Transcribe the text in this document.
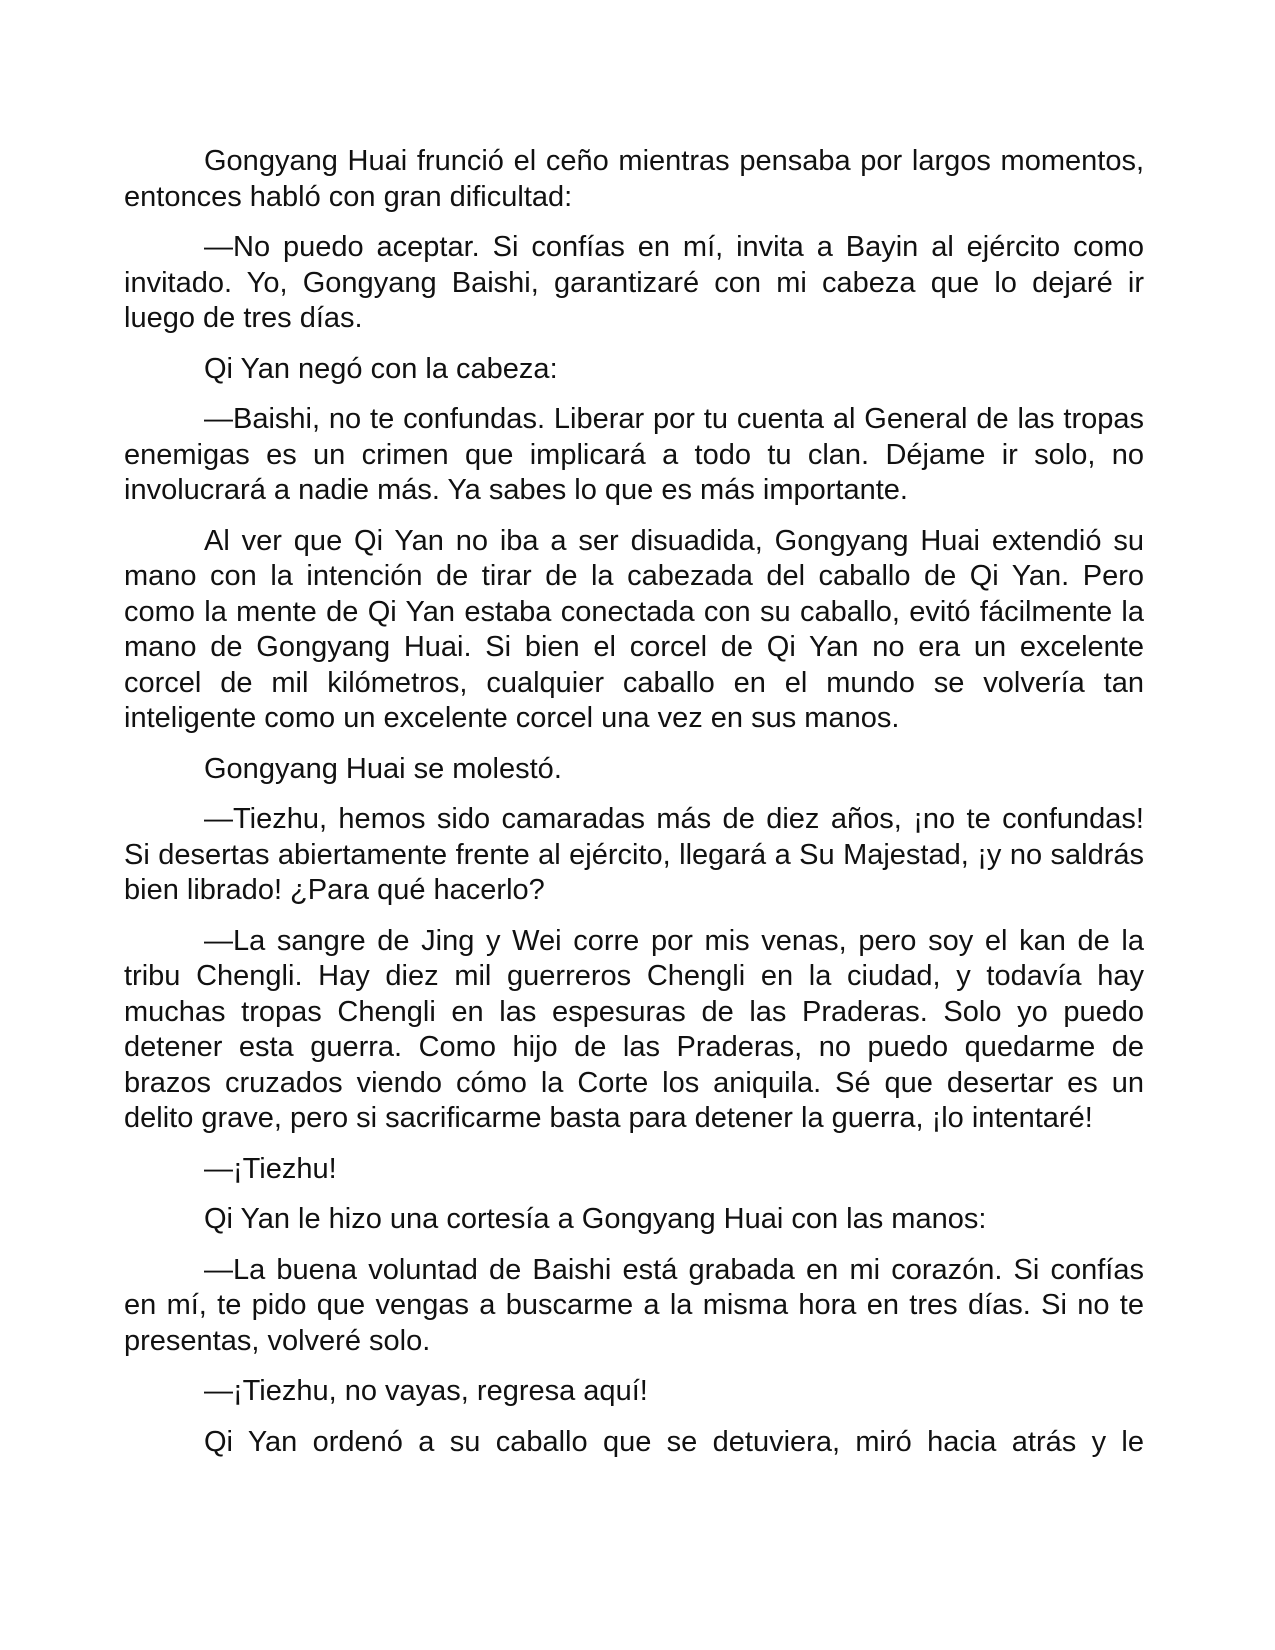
Gongyang Huai frunció el ceño mientras pensaba por largos momentos, entonces habló con gran dificultad:

—No puedo aceptar. Si confías en mí, invita a Bayin al ejército como invitado. Yo, Gongyang Baishi, garantizaré con mi cabeza que lo dejaré ir luego de tres días.

Qi Yan negó con la cabeza:

—Baishi, no te confundas. Liberar por tu cuenta al General de las tropas enemigas es un crimen que implicará a todo tu clan. Déjame ir solo, no involucrará a nadie más. Ya sabes lo que es más importante.

Al ver que Qi Yan no iba a ser disuadida, Gongyang Huai extendió su mano con la intención de tirar de la cabezada del caballo de Qi Yan. Pero como la mente de Qi Yan estaba conectada con su caballo, evitó fácilmente la mano de Gongyang Huai. Si bien el corcel de Qi Yan no era un excelente corcel de mil kilómetros, cualquier caballo en el mundo se volvería tan inteligente como un excelente corcel una vez en sus manos.

Gongyang Huai se molestó.

—Tiezhu, hemos sido camaradas más de diez años, ¡no te confundas! Si desertas abiertamente frente al ejército, llegará a Su Majestad, ¡y no saldrás bien librado! ¿Para qué hacerlo?

—La sangre de Jing y Wei corre por mis venas, pero soy el kan de la tribu Chengli. Hay diez mil guerreros Chengli en la ciudad, y todavía hay muchas tropas Chengli en las espesuras de las Praderas. Solo yo puedo detener esta guerra. Como hijo de las Praderas, no puedo quedarme de brazos cruzados viendo cómo la Corte los aniquila. Sé que desertar es un delito grave, pero si sacrificarme basta para detener la guerra, ¡lo intentaré!

—¡Tiezhu!

Qi Yan le hizo una cortesía a Gongyang Huai con las manos:

—La buena voluntad de Baishi está grabada en mi corazón. Si confías en mí, te pido que vengas a buscarme a la misma hora en tres días. Si no te presentas, volveré solo.

—¡Tiezhu, no vayas, regresa aquí!

Qi Yan ordenó a su caballo que se detuviera, miró hacia atrás y le
